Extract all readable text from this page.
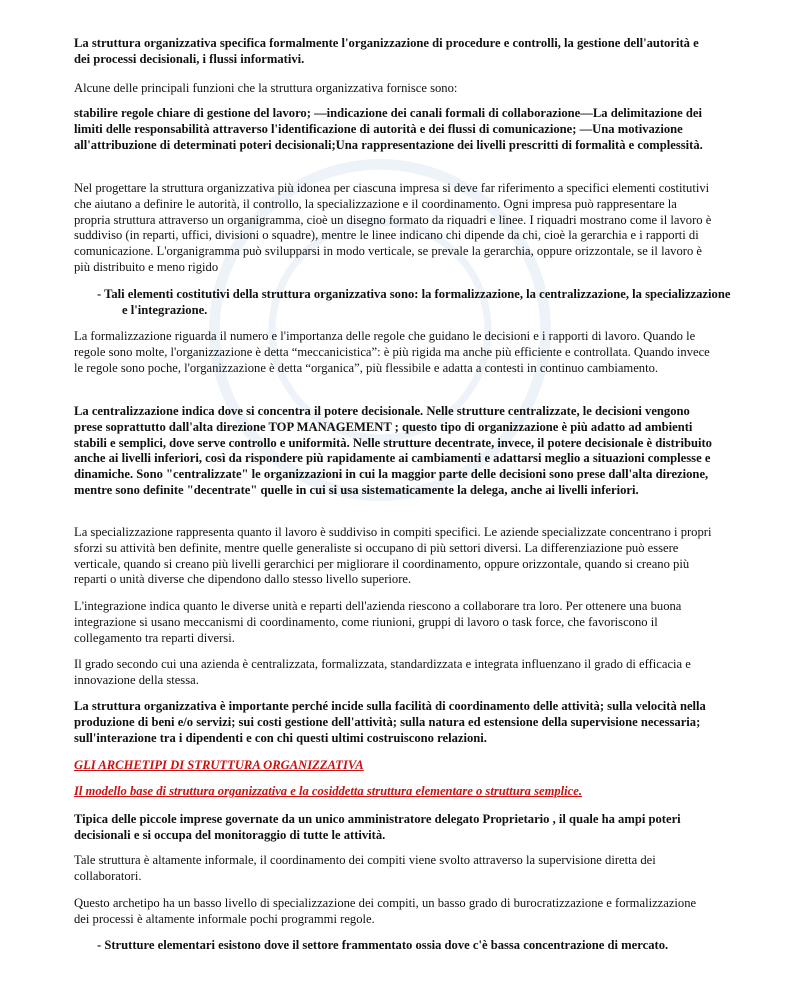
La struttura organizzativa specifica formalmente l'organizzazione di procedure e controlli, la gestione dell'autorità e dei processi decisionali, i flussi informativi.
Alcune delle principali funzioni che la struttura organizzativa fornisce sono:
stabilire regole chiare di gestione del lavoro; —indicazione dei canali formali di collaborazione—La delimitazione dei limiti delle responsabilità attraverso l'identificazione di autorità e dei flussi di comunicazione; —Una motivazione all'attribuzione di determinati poteri decisionali;Una rappresentazione dei livelli prescritti di formalità e complessità.
Nel progettare la struttura organizzativa più idonea per ciascuna impresa si deve far riferimento a specifici elementi costitutivi che aiutano a definire le autorità, il controllo, la specializzazione e il coordinamento. Ogni impresa può rappresentare la propria struttura attraverso un organigramma, cioè un disegno formato da riquadri e linee. I riquadri mostrano come il lavoro è suddiviso (in reparti, uffici, divisioni o squadre), mentre le linee indicano chi dipende da chi, cioè la gerarchia e i rapporti di comunicazione. L'organigramma può svilupparsi in modo verticale, se prevale la gerarchia, oppure orizzontale, se il lavoro è più distribuito e meno rigido
- Tali elementi costitutivi della struttura organizzativa sono: la formalizzazione, la centralizzazione, la specializzazione e l'integrazione.
La formalizzazione riguarda il numero e l'importanza delle regole che guidano le decisioni e i rapporti di lavoro. Quando le regole sono molte, l'organizzazione è detta “meccanicistica”: è più rigida ma anche più efficiente e controllata. Quando invece le regole sono poche, l'organizzazione è detta “organica”, più flessibile e adatta a contesti in continuo cambiamento.
La centralizzazione indica dove si concentra il potere decisionale. Nelle strutture centralizzate, le decisioni vengono prese soprattutto dall'alta direzione TOP MANAGEMENT ; questo tipo di organizzazione è più adatto ad ambienti stabili e semplici, dove serve controllo e uniformità. Nelle strutture decentrate, invece, il potere decisionale è distribuito anche ai livelli inferiori, così da rispondere più rapidamente ai cambiamenti e adattarsi meglio a situazioni complesse e dinamiche. Sono "centralizzate" le organizzazioni in cui la maggior parte delle decisioni sono prese dall'alta direzione, mentre sono definite "decentrate" quelle in cui si usa sistematicamente la delega, anche ai livelli inferiori.
La specializzazione rappresenta quanto il lavoro è suddiviso in compiti specifici. Le aziende specializzate concentrano i propri sforzi su attività ben definite, mentre quelle generaliste si occupano di più settori diversi. La differenziazione può essere verticale, quando si creano più livelli gerarchici per migliorare il coordinamento, oppure orizzontale, quando si creano più reparti o unità diverse che dipendono dallo stesso livello superiore.
L'integrazione indica quanto le diverse unità e reparti dell'azienda riescono a collaborare tra loro. Per ottenere una buona integrazione si usano meccanismi di coordinamento, come riunioni, gruppi di lavoro o task force, che favoriscono il collegamento tra reparti diversi.
Il grado secondo cui una azienda è centralizzata, formalizzata, standardizzata e integrata influenzano il grado di efficacia e innovazione della stessa.
La struttura organizzativa è importante perché incide sulla facilità di coordinamento delle attività; sulla velocità nella produzione di beni e/o servizi; sui costi gestione dell'attività; sulla natura ed estensione della supervisione necessaria; sull'interazione tra i dipendenti e con chi questi ultimi costruiscono relazioni.
GLI ARCHETIPI DI STRUTTURA ORGANIZZATIVA
Il modello base di struttura organizzativa e la cosiddetta struttura elementare o struttura semplice.
Tipica delle piccole imprese governate da un unico amministratore delegato Proprietario , il quale ha ampi poteri decisionali e si occupa del monitoraggio di tutte le attività.
Tale struttura è altamente informale, il coordinamento dei compiti viene svolto attraverso la supervisione diretta dei collaboratori.
Questo archetipo ha un basso livello di specializzazione dei compiti, un basso grado di burocratizzazione e formalizzazione dei processi è altamente informale pochi programmi regole.
- Strutture elementari esistono dove il settore frammentato ossia dove c'è bassa concentrazione di mercato.
